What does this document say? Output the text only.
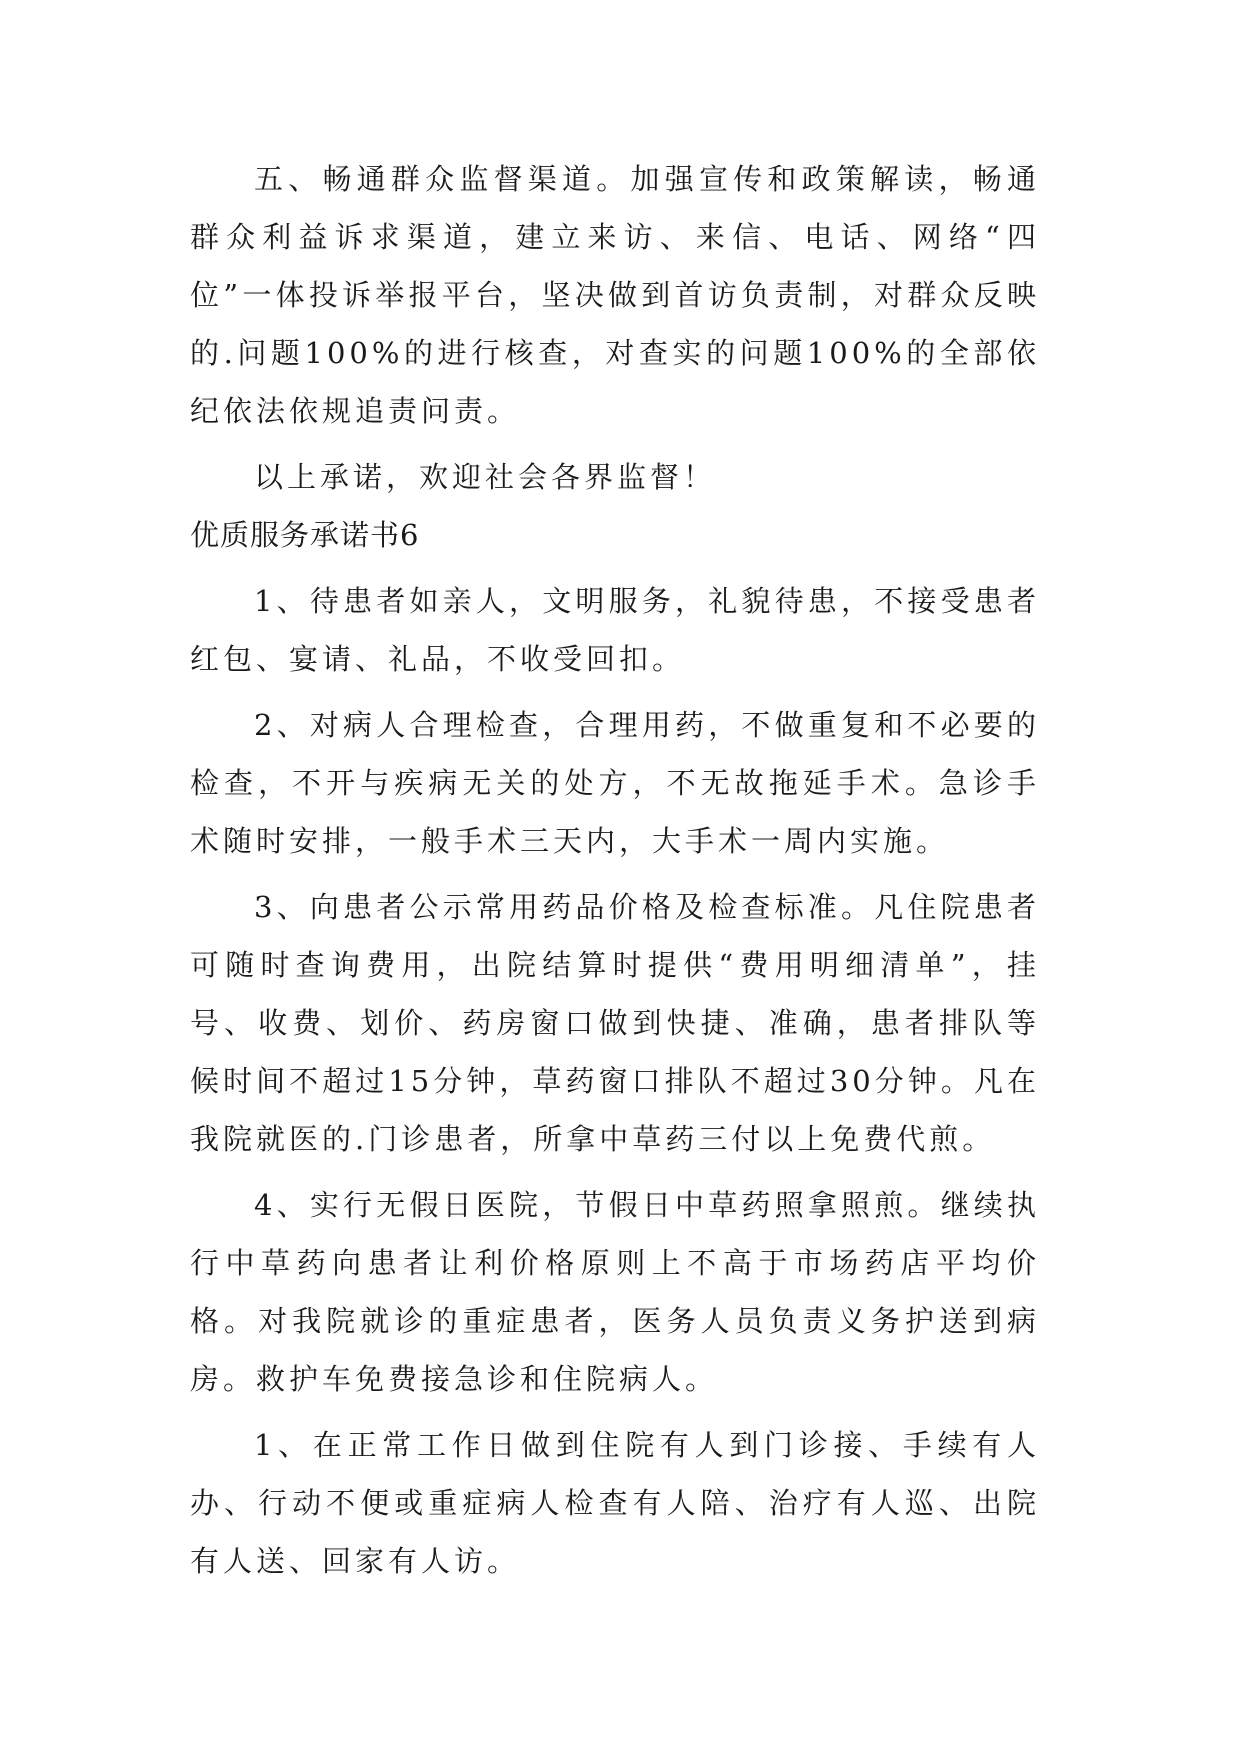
五、畅通群众监督渠道。加强宣传和政策解读，畅通群众利益诉求渠道，建立来访、来信、电话、网络“四位”一体投诉举报平台，坚决做到首访负责制，对群众反映的.问题100%的进行核查，对查实的问题100%的全部依纪依法依规追责问责。

以上承诺，欢迎社会各界监督！

优质服务承诺书6

1、待患者如亲人，文明服务，礼貌待患，不接受患者红包、宴请、礼品，不收受回扣。

2、对病人合理检查，合理用药，不做重复和不必要的检查，不开与疾病无关的处方，不无故拖延手术。急诊手术随时安排，一般手术三天内，大手术一周内实施。

3、向患者公示常用药品价格及检查标准。凡住院患者可随时查询费用，出院结算时提供“费用明细清单”，挂号、收费、划价、药房窗口做到快捷、准确，患者排队等候时间不超过15分钟，草药窗口排队不超过30分钟。凡在我院就医的.门诊患者，所拿中草药三付以上免费代煎。

4、实行无假日医院，节假日中草药照拿照煎。继续执行中草药向患者让利价格原则上不高于市场药店平均价格。对我院就诊的重症患者，医务人员负责义务护送到病房。救护车免费接急诊和住院病人。

1、在正常工作日做到住院有人到门诊接、手续有人办、行动不便或重症病人检查有人陪、治疗有人巡、出院有人送、回家有人访。
